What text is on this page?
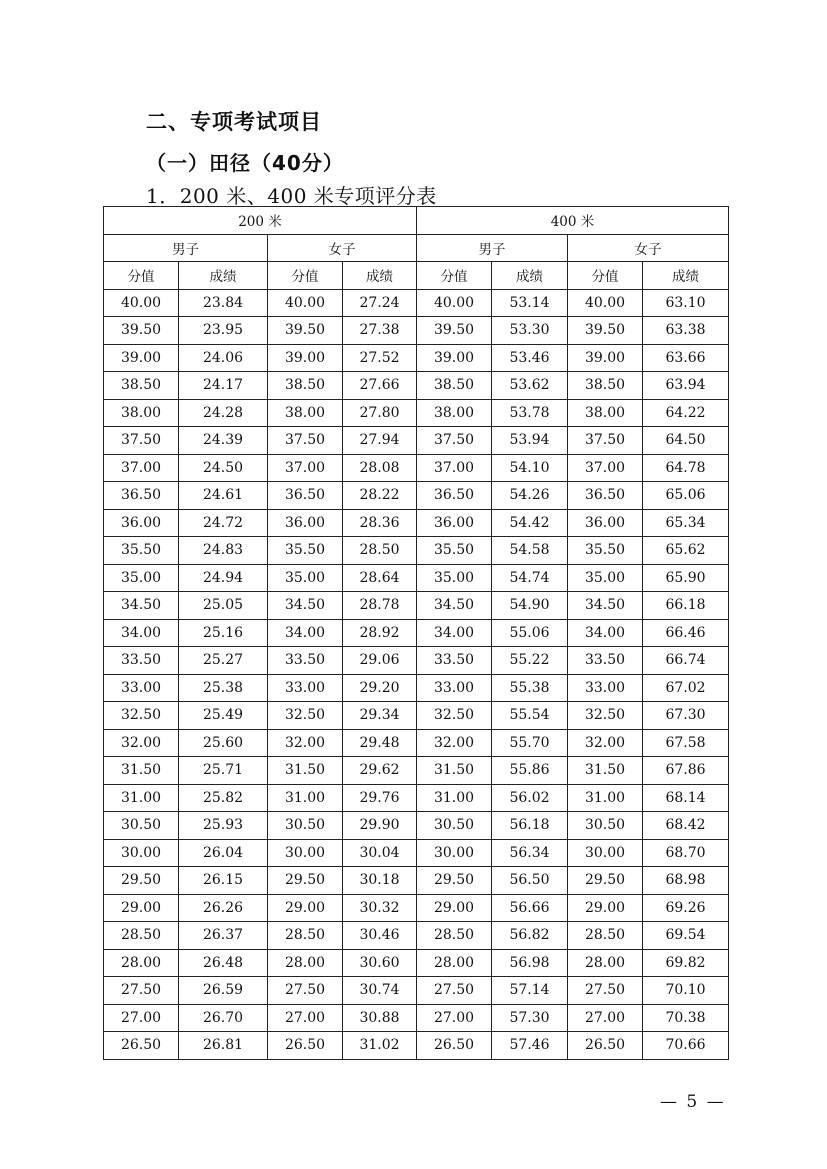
二、专项考试项目
（一）田径（40分）
1．200 米、400 米专项评分表
200 米				400 米			
男子		女子		男子		女子	
分值	成绩	分值	成绩	分值	成绩	分值	成绩
40.00	23.84	40.00	27.24	40.00	53.14	40.00	63.10
39.50	23.95	39.50	27.38	39.50	53.30	39.50	63.38
39.00	24.06	39.00	27.52	39.00	53.46	39.00	63.66
38.50	24.17	38.50	27.66	38.50	53.62	38.50	63.94
38.00	24.28	38.00	27.80	38.00	53.78	38.00	64.22
37.50	24.39	37.50	27.94	37.50	53.94	37.50	64.50
37.00	24.50	37.00	28.08	37.00	54.10	37.00	64.78
36.50	24.61	36.50	28.22	36.50	54.26	36.50	65.06
36.00	24.72	36.00	28.36	36.00	54.42	36.00	65.34
35.50	24.83	35.50	28.50	35.50	54.58	35.50	65.62
35.00	24.94	35.00	28.64	35.00	54.74	35.00	65.90
34.50	25.05	34.50	28.78	34.50	54.90	34.50	66.18
34.00	25.16	34.00	28.92	34.00	55.06	34.00	66.46
33.50	25.27	33.50	29.06	33.50	55.22	33.50	66.74
33.00	25.38	33.00	29.20	33.00	55.38	33.00	67.02
32.50	25.49	32.50	29.34	32.50	55.54	32.50	67.30
32.00	25.60	32.00	29.48	32.00	55.70	32.00	67.58
31.50	25.71	31.50	29.62	31.50	55.86	31.50	67.86
31.00	25.82	31.00	29.76	31.00	56.02	31.00	68.14
30.50	25.93	30.50	29.90	30.50	56.18	30.50	68.42
30.00	26.04	30.00	30.04	30.00	56.34	30.00	68.70
29.50	26.15	29.50	30.18	29.50	56.50	29.50	68.98
29.00	26.26	29.00	30.32	29.00	56.66	29.00	69.26
28.50	26.37	28.50	30.46	28.50	56.82	28.50	69.54
28.00	26.48	28.00	30.60	28.00	56.98	28.00	69.82
27.50	26.59	27.50	30.74	27.50	57.14	27.50	70.10
27.00	26.70	27.00	30.88	27.00	57.30	27.00	70.38
26.50	26.81	26.50	31.02	26.50	57.46	26.50	70.66
— 5 —
